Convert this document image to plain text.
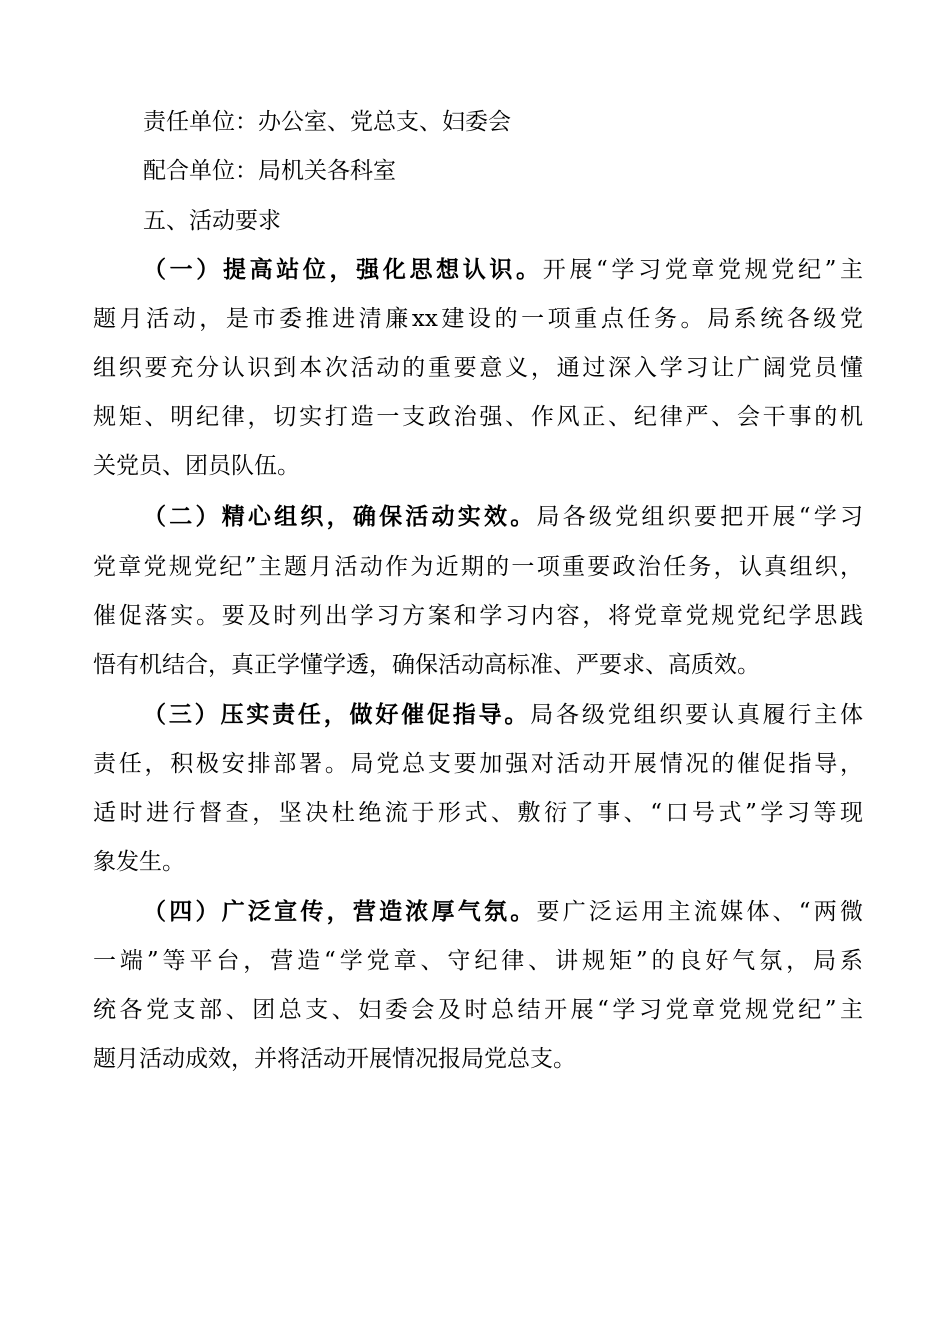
责任单位：办公室、党总支、妇委会
配合单位：局机关各科室
五、活动要求
（一）提高站位，强化思想认识。开展“学习党章党规党纪”主
题月活动，是市委推进清廉xx建设的一项重点任务。局系统各级党
组织要充分认识到本次活动的重要意义，通过深入学习让广阔党员懂
规矩、明纪律，切实打造一支政治强、作风正、纪律严、会干事的机
关党员、团员队伍。
（二）精心组织，确保活动实效。局各级党组织要把开展“学习
党章党规党纪”主题月活动作为近期的一项重要政治任务，认真组织，
催促落实。要及时列出学习方案和学习内容，将党章党规党纪学思践
悟有机结合，真正学懂学透，确保活动高标准、严要求、高质效。
（三）压实责任，做好催促指导。局各级党组织要认真履行主体
责任，积极安排部署。局党总支要加强对活动开展情况的催促指导，
适时进行督查，坚决杜绝流于形式、敷衍了事、“口号式”学习等现
象发生。
（四）广泛宣传，营造浓厚气氛。要广泛运用主流媒体、“两微
一端”等平台，营造“学党章、守纪律、讲规矩”的良好气氛，局系
统各党支部、团总支、妇委会及时总结开展“学习党章党规党纪”主
题月活动成效，并将活动开展情况报局党总支。
